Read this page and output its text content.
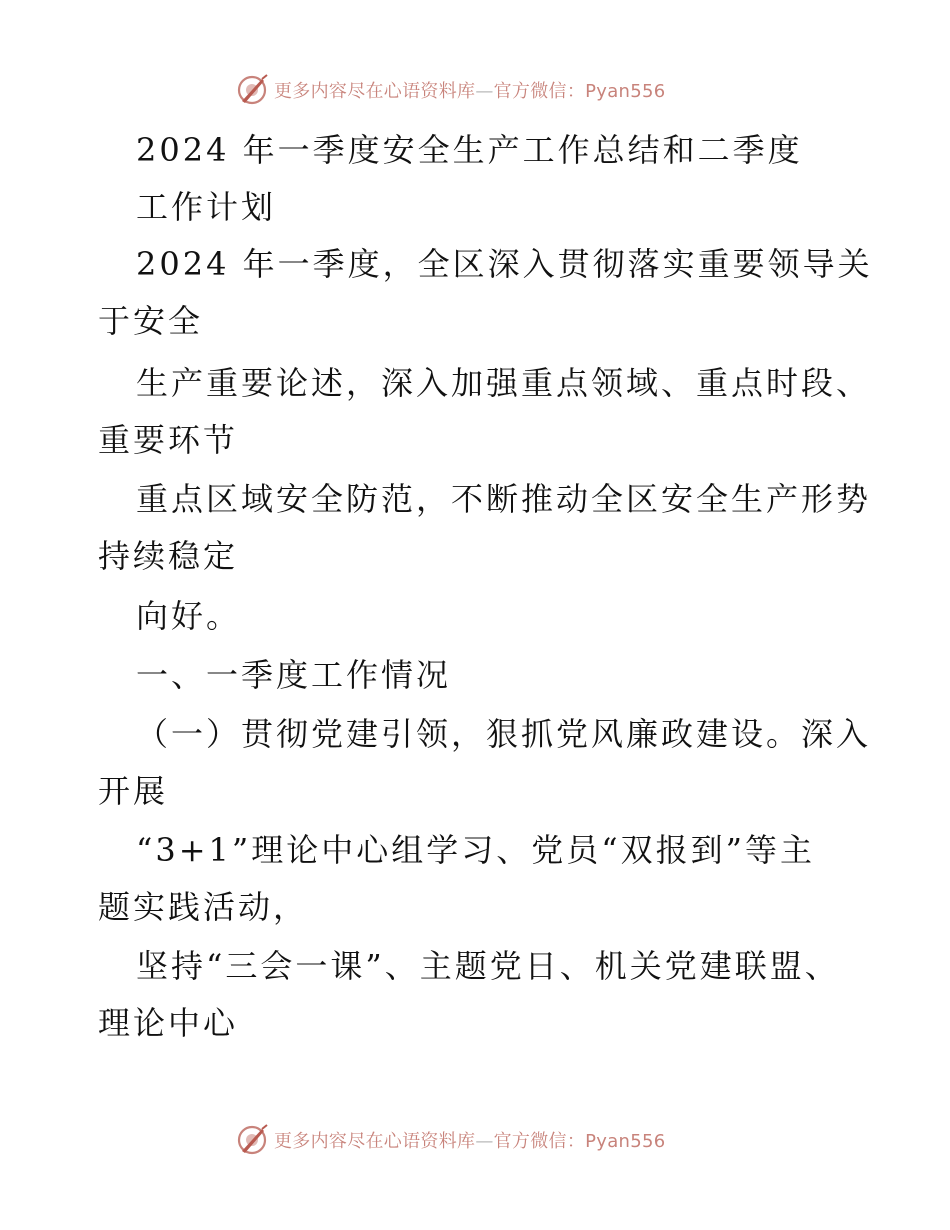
更多内容尽在心语资料库—官方微信：Pyan556
2024 年一季度安全生产工作总结和二季度
工作计划
2024 年一季度，全区深入贯彻落实重要领导关
于安全
生产重要论述，深入加强重点领域、重点时段、
重要环节
重点区域安全防范，不断推动全区安全生产形势
持续稳定
向好。
一、一季度工作情况
（一）贯彻党建引领，狠抓党风廉政建设。深入
开展
“3+1”理论中心组学习、党员“双报到”等主
题实践活动，
坚持“三会一课”、主题党日、机关党建联盟、
理论中心
更多内容尽在心语资料库—官方微信：Pyan556
